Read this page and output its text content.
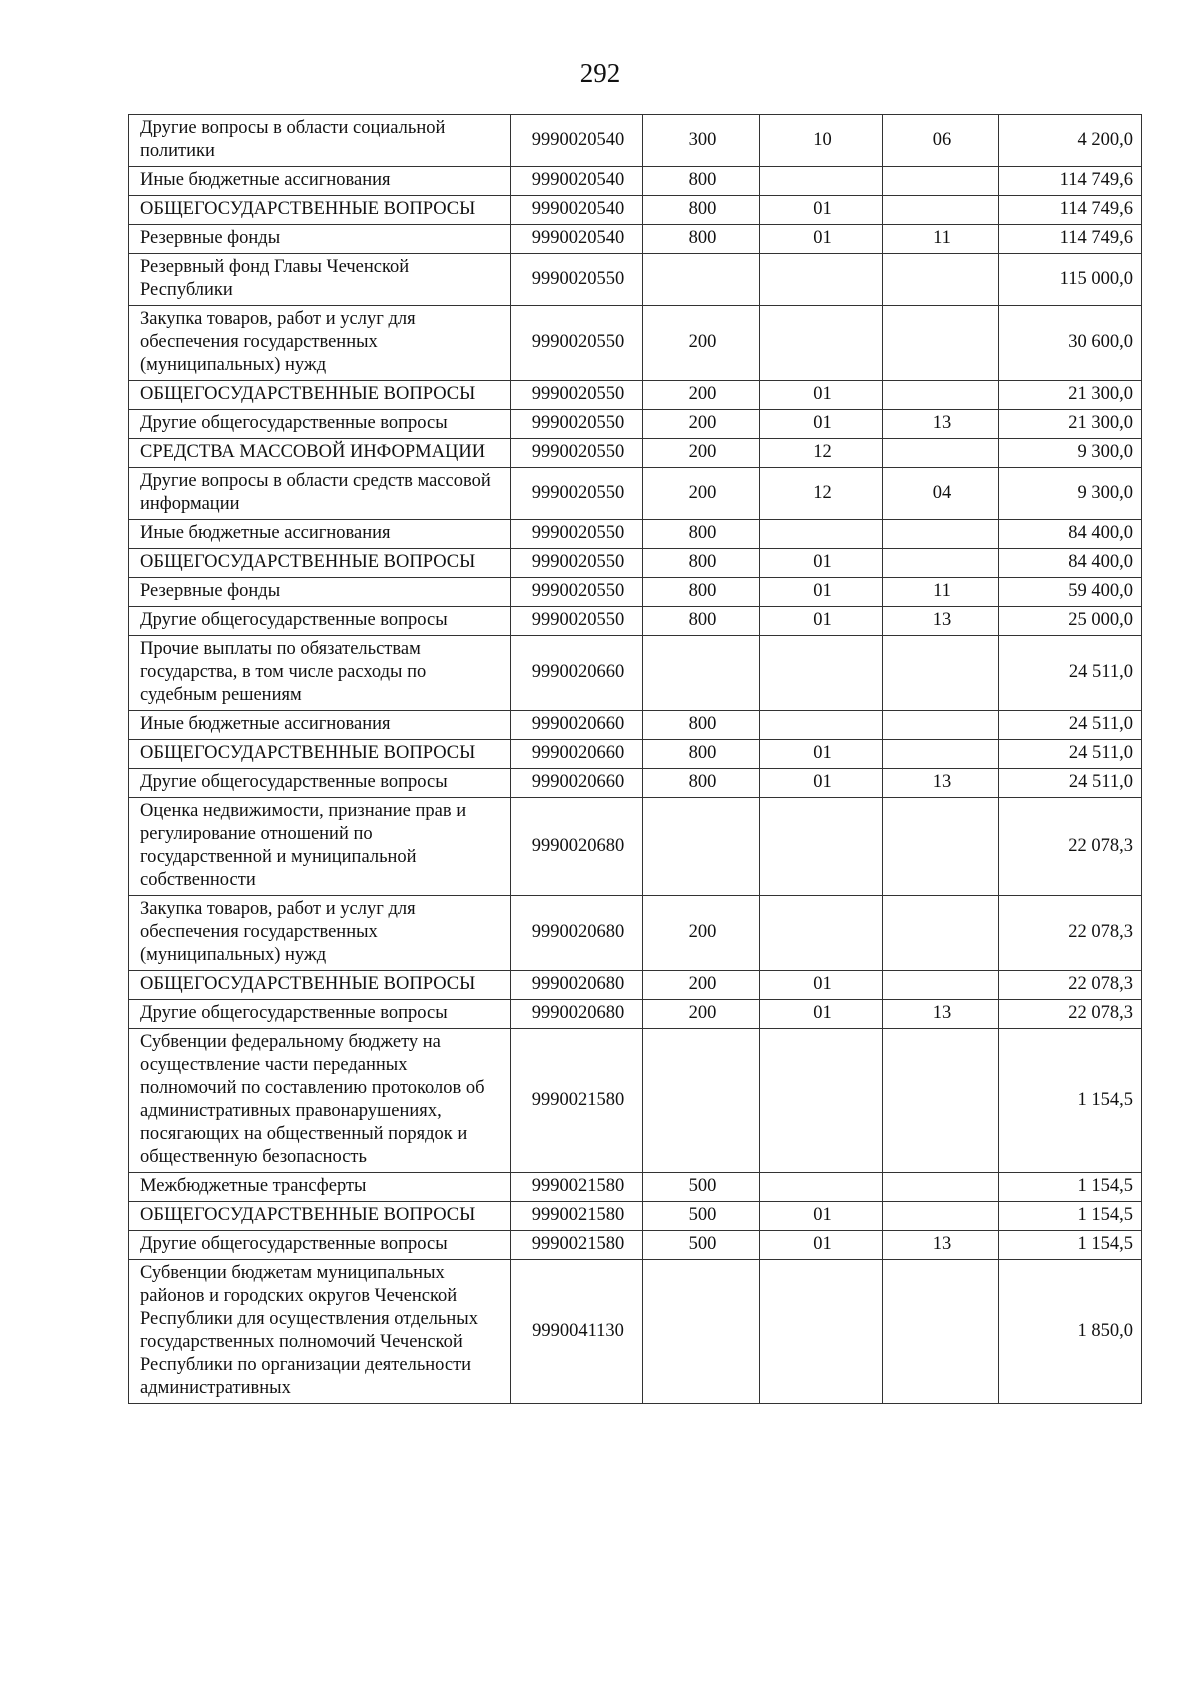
292
Другие вопросы в области социальной политики	9990020540	300	10	06	4 200,0
Иные бюджетные ассигнования	9990020540	800			114 749,6
ОБЩЕГОСУДАРСТВЕННЫЕ ВОПРОСЫ	9990020540	800	01		114 749,6
Резервные фонды	9990020540	800	01	11	114 749,6
Резервный фонд Главы Чеченской Республики	9990020550				115 000,0
Закупка товаров, работ и услуг для обеспечения государственных (муниципальных) нужд	9990020550	200			30 600,0
ОБЩЕГОСУДАРСТВЕННЫЕ ВОПРОСЫ	9990020550	200	01		21 300,0
Другие общегосударственные вопросы	9990020550	200	01	13	21 300,0
СРЕДСТВА МАССОВОЙ ИНФОРМАЦИИ	9990020550	200	12		9 300,0
Другие вопросы в области средств массовой информации	9990020550	200	12	04	9 300,0
Иные бюджетные ассигнования	9990020550	800			84 400,0
ОБЩЕГОСУДАРСТВЕННЫЕ ВОПРОСЫ	9990020550	800	01		84 400,0
Резервные фонды	9990020550	800	01	11	59 400,0
Другие общегосударственные вопросы	9990020550	800	01	13	25 000,0
Прочие выплаты по обязательствам государства, в том числе расходы по судебным решениям	9990020660				24 511,0
Иные бюджетные ассигнования	9990020660	800			24 511,0
ОБЩЕГОСУДАРСТВЕННЫЕ ВОПРОСЫ	9990020660	800	01		24 511,0
Другие общегосударственные вопросы	9990020660	800	01	13	24 511,0
Оценка недвижимости, признание прав и регулирование отношений по государственной и муниципальной собственности	9990020680				22 078,3
Закупка товаров, работ и услуг для обеспечения государственных (муниципальных) нужд	9990020680	200			22 078,3
ОБЩЕГОСУДАРСТВЕННЫЕ ВОПРОСЫ	9990020680	200	01		22 078,3
Другие общегосударственные вопросы	9990020680	200	01	13	22 078,3
Субвенции федеральному бюджету на осуществление части переданных полномочий по составлению протоколов об административных правонарушениях, посягающих на общественный порядок и общественную безопасность	9990021580				1 154,5
Межбюджетные трансферты	9990021580	500			1 154,5
ОБЩЕГОСУДАРСТВЕННЫЕ ВОПРОСЫ	9990021580	500	01		1 154,5
Другие общегосударственные вопросы	9990021580	500	01	13	1 154,5
Субвенции бюджетам муниципальных районов и городских округов Чеченской Республики для осуществления отдельных государственных полномочий Чеченской Республики по организации деятельности административных	9990041130				1 850,0
